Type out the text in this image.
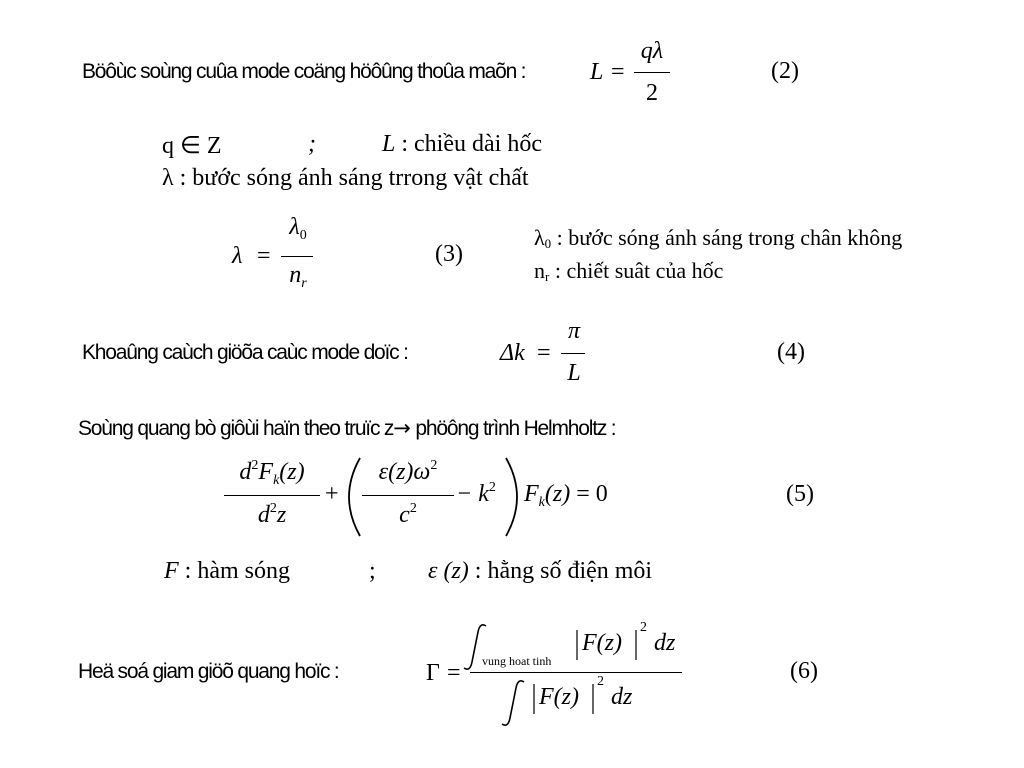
Böôùc soùng cuûa mode coäng höôûng thoûa maõn :	L =
qλ
2
(2)
q ∈ Z	;	L : chiều dài hốc
λ : bước sóng ánh sáng trrong vật chất
λ =
$\lambda_0$
$n_r$
(3)
λ0 : bước sóng ánh sáng trong chân không
nr : chiết suât của hốc
Khoaûng caùch giöõa caùc mode doïc :	Δk =
π
L
(4)
Soùng quang bò giôùi haïn theo truïc z→ phöông trình Helmholtz :
$d^2F_k(z)$
$d^2z$
+
$\varepsilon(z)\omega^2$
$c^2$
− $k^2$ $F_k(z) = 0$	(5)
F : hàm sóng	; ε (z) : hằng số điện môi
Heä soá giam giöõ quang hoïc :	Γ = vung hoat tinh
F(z)
2
dz
F(z)
2
dz
(6)
